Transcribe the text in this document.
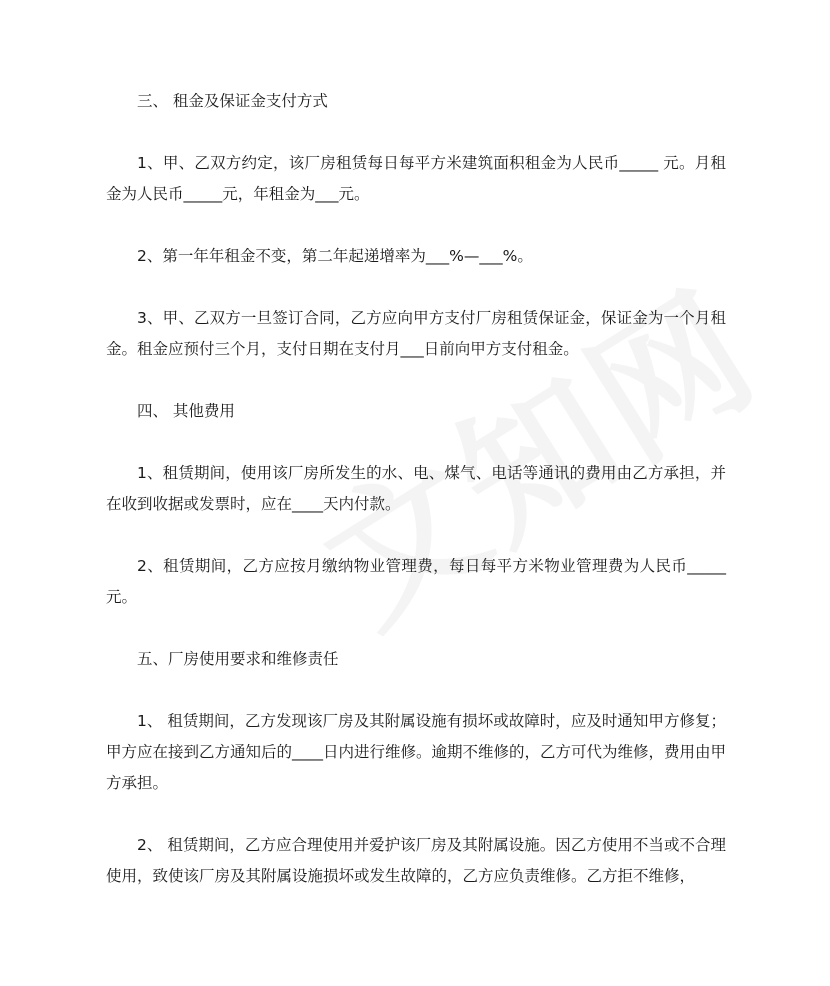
三、 租金及保证金支付方式

1、甲、乙双方约定，该厂房租赁每日每平方米建筑面积租金为人民币_____ 元。月租金为人民币_____元，年租金为___元。

2、第一年年租金不变，第二年起递增率为___%—___%。

3、甲、乙双方一旦签订合同，乙方应向甲方支付厂房租赁保证金，保证金为一个月租金。租金应预付三个月，支付日期在支付月___日前向甲方支付租金。

四、 其他费用

1、租赁期间，使用该厂房所发生的水、电、煤气、电话等通讯的费用由乙方承担，并在收到收据或发票时，应在____天内付款。

2、租赁期间，乙方应按月缴纳物业管理费，每日每平方米物业管理费为人民币_____元。

五、厂房使用要求和维修责任

1、 租赁期间，乙方发现该厂房及其附属设施有损坏或故障时，应及时通知甲方修复；甲方应在接到乙方通知后的____日内进行维修。逾期不维修的，乙方可代为维修，费用由甲方承担。

2、 租赁期间，乙方应合理使用并爱护该厂房及其附属设施。因乙方使用不当或不合理使用，致使该厂房及其附属设施损坏或发生故障的，乙方应负责维修。乙方拒不维修，
